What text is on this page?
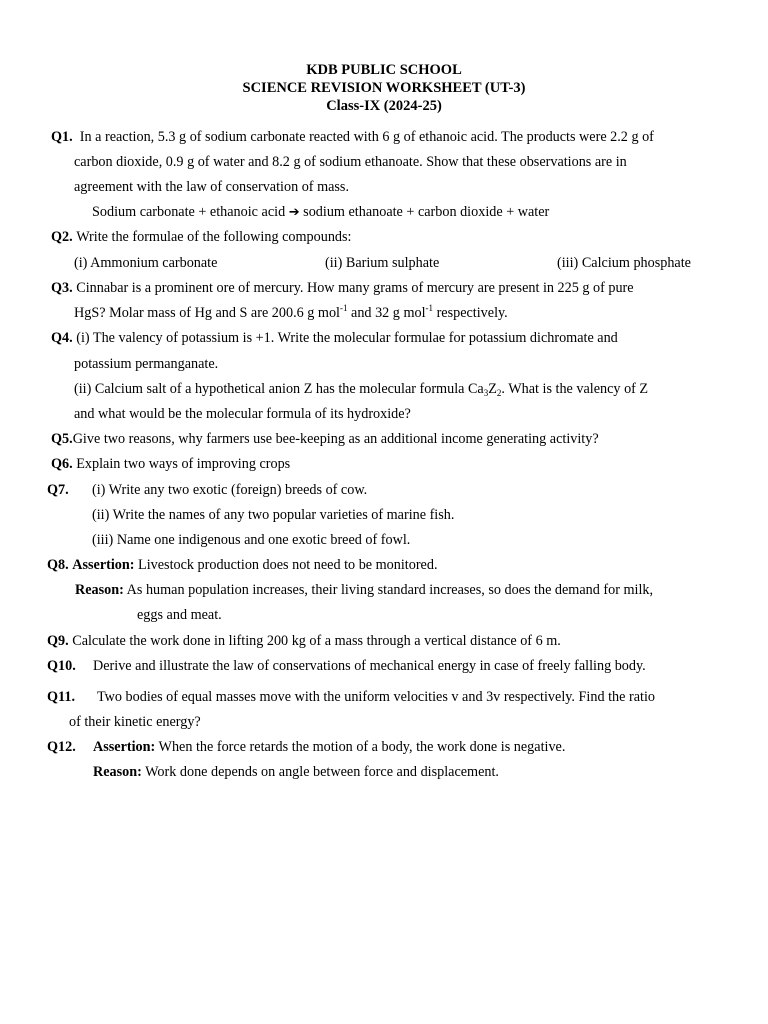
KDB PUBLIC SCHOOL
SCIENCE REVISION WORKSHEET (UT-3)
Class-IX (2024-25)
Q1. In a reaction, 5.3 g of sodium carbonate reacted with 6 g of ethanoic acid. The products were 2.2 g of
carbon dioxide, 0.9 g of water and 8.2 g of sodium ethanoate. Show that these observations are in
agreement with the law of conservation of mass.
Sodium carbonate + ethanoic acid ➔ sodium ethanoate + carbon dioxide + water
Q2. Write the formulae of the following compounds:
(i) Ammonium carbonate	(ii) Barium sulphate	(iii) Calcium phosphate
Q3. Cinnabar is a prominent ore of mercury. How many grams of mercury are present in 225 g of pure
HgS? Molar mass of Hg and S are 200.6 g mol$^{-1}$ and 32 g mol$^{-1}$ respectively.
Q4. (i) The valency of potassium is +1. Write the molecular formulae for potassium dichromate and
potassium permanganate.
(ii) Calcium salt of a hypothetical anion Z has the molecular formula $Ca_3Z_2$. What is the valency of Z
and what would be the molecular formula of its hydroxide?
Q5.Give two reasons, why farmers use bee-keeping as an additional income generating activity?
Q6. Explain two ways of improving crops
Q7. (i) Write any two exotic (foreign) breeds of cow.
(ii) Write the names of any two popular varieties of marine fish.
(iii) Name one indigenous and one exotic breed of fowl.
Q8. Assertion: Livestock production does not need to be monitored.
Reason: As human population increases, their living standard increases, so does the demand for milk,
eggs and meat.
Q9. Calculate the work done in lifting 200 kg of a mass through a vertical distance of 6 m.
Q10. Derive and illustrate the law of conservations of mechanical energy in case of freely falling body.
Q11. Two bodies of equal masses move with the uniform velocities v and 3v respectively. Find the ratio
of their kinetic energy?
Q12. Assertion: When the force retards the motion of a body, the work done is negative.
Reason: Work done depends on angle between force and displacement.
